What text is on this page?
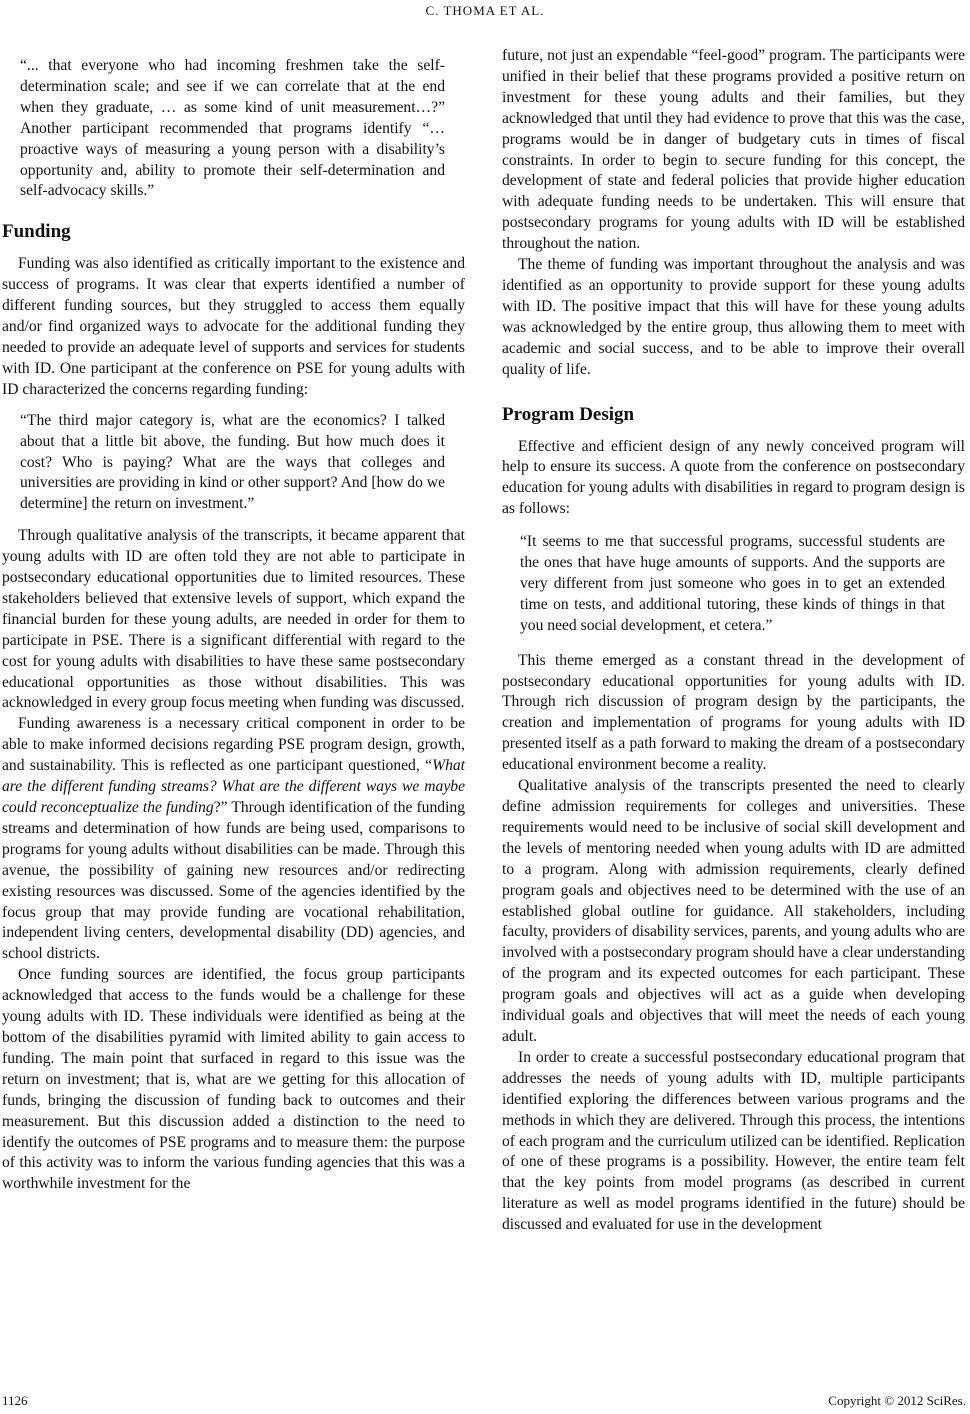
C. THOMA ET AL.
“... that everyone who had incoming freshmen take the self-determination scale; and see if we can correlate that at the end when they graduate, … as some kind of unit measurement…?” Another participant recommended that programs identify “…proactive ways of measuring a young person with a disability’s opportunity and, ability to promote their self-determination and self-advocacy skills.”
Funding

Funding was also identified as critically important to the existence and success of programs. It was clear that experts identified a number of different funding sources, but they struggled to access them equally and/or find organized ways to advocate for the additional funding they needed to provide an adequate level of supports and services for students with ID. One participant at the conference on PSE for young adults with ID characterized the concerns regarding funding:

“The third major category is, what are the economics? I talked about that a little bit above, the funding. But how much does it cost? Who is paying? What are the ways that colleges and universities are providing in kind or other support? And [how do we determine] the return on investment.”

Through qualitative analysis of the transcripts, it became apparent that young adults with ID are often told they are not able to participate in postsecondary educational opportunities due to limited resources. These stakeholders believed that extensive levels of support, which expand the financial burden for these young adults, are needed in order for them to participate in PSE. There is a significant differential with regard to the cost for young adults with disabilities to have these same postsecondary educational opportunities as those without disabilities. This was acknowledged in every group focus meeting when funding was discussed.

Funding awareness is a necessary critical component in order to be able to make informed decisions regarding PSE program design, growth, and sustainability. This is reflected as one participant questioned, “What are the different funding streams? What are the different ways we maybe could reconceptualize the funding?” Through identification of the funding streams and determination of how funds are being used, comparisons to programs for young adults without disabilities can be made. Through this avenue, the possibility of gaining new resources and/or redirecting existing resources was discussed. Some of the agencies identified by the focus group that may provide funding are vocational rehabilitation, independent living centers, developmental disability (DD) agencies, and school districts.

Once funding sources are identified, the focus group participants acknowledged that access to the funds would be a challenge for these young adults with ID. These individuals were identified as being at the bottom of the disabilities pyramid with limited ability to gain access to funding. The main point that surfaced in regard to this issue was the return on investment; that is, what are we getting for this allocation of funds, bringing the discussion of funding back to outcomes and their measurement. But this discussion added a distinction to the need to identify the outcomes of PSE programs and to measure them: the purpose of this activity was to inform the various funding agencies that this was a worthwhile investment for the

future, not just an expendable “feel-good” program. The participants were unified in their belief that these programs provided a positive return on investment for these young adults and their families, but they acknowledged that until they had evidence to prove that this was the case, programs would be in danger of budgetary cuts in times of fiscal constraints. In order to begin to secure funding for this concept, the development of state and federal policies that provide higher education with adequate funding needs to be undertaken. This will ensure that postsecondary programs for young adults with ID will be established throughout the nation.

The theme of funding was important throughout the analysis and was identified as an opportunity to provide support for these young adults with ID. The positive impact that this will have for these young adults was acknowledged by the entire group, thus allowing them to meet with academic and social success, and to be able to improve their overall quality of life.

Program Design

Effective and efficient design of any newly conceived program will help to ensure its success. A quote from the conference on postsecondary education for young adults with disabilities in regard to program design is as follows:

“It seems to me that successful programs, successful students are the ones that have huge amounts of supports. And the supports are very different from just someone who goes in to get an extended time on tests, and additional tutoring, these kinds of things in that you need social development, et cetera.”

This theme emerged as a constant thread in the development of postsecondary educational opportunities for young adults with ID. Through rich discussion of program design by the participants, the creation and implementation of programs for young adults with ID presented itself as a path forward to making the dream of a postsecondary educational environment become a reality.

Qualitative analysis of the transcripts presented the need to clearly define admission requirements for colleges and universities. These requirements would need to be inclusive of social skill development and the levels of mentoring needed when young adults with ID are admitted to a program. Along with admission requirements, clearly defined program goals and objectives need to be determined with the use of an established global outline for guidance. All stakeholders, including faculty, providers of disability services, parents, and young adults who are involved with a postsecondary program should have a clear understanding of the program and its expected outcomes for each participant. These program goals and objectives will act as a guide when developing individual goals and objectives that will meet the needs of each young adult.

In order to create a successful postsecondary educational program that addresses the needs of young adults with ID, multiple participants identified exploring the differences between various programs and the methods in which they are delivered. Through this process, the intentions of each program and the curriculum utilized can be identified. Replication of one of these programs is a possibility. However, the entire team felt that the key points from model programs (as described in current literature as well as model programs identified in the future) should be discussed and evaluated for use in the development

1126	Copyright © 2012 SciRes.
